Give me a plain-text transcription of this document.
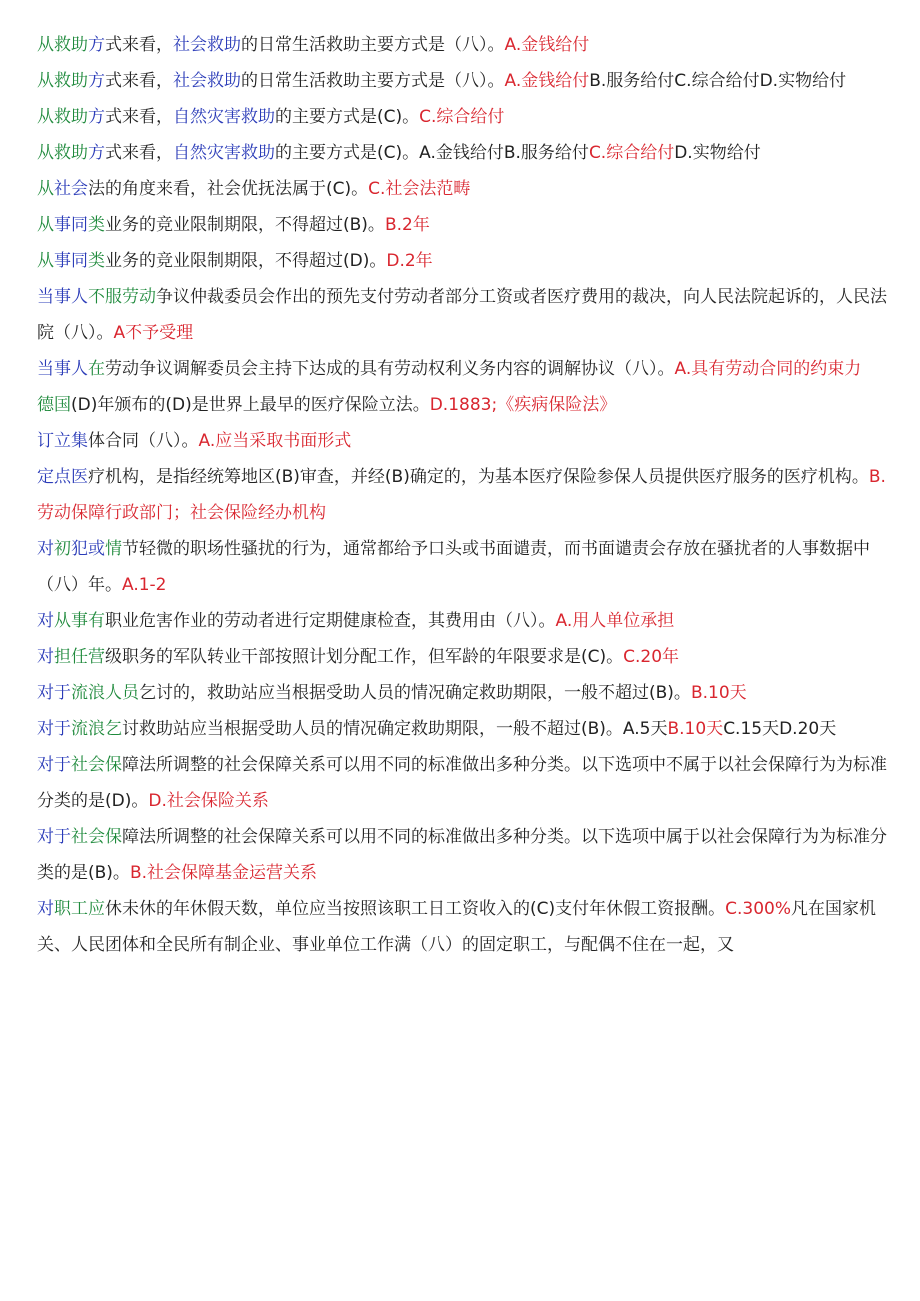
从救助方式来看，社会救助的日常生活救助主要方式是（八）。A.金钱给付

从救助方式来看，社会救助的日常生活救助主要方式是（八）。A.金钱给付B.服务给付C.综合给付D.实物给付

从救助方式来看，自然灾害救助的主要方式是(C)。C.综合给付

从救助方式来看，自然灾害救助的主要方式是(C)。A.金钱给付B.服务给付C.综合给付D.实物给付

从社会法的角度来看，社会优抚法属于(C)。C.社会法范畴

从事同类业务的竞业限制期限，不得超过(B)。B.2年

从事同类业务的竞业限制期限，不得超过(D)。D.2年

当事人不服劳动争议仲裁委员会作出的预先支付劳动者部分工资或者医疗费用的裁决，向人民法院起诉的，人民法院（八）。A不予受理

当事人在劳动争议调解委员会主持下达成的具有劳动权利义务内容的调解协议（八）。A.具有劳动合同的约束力

德国(D)年颁布的(D)是世界上最早的医疗保险立法。D.1883;《疾病保险法》

订立集体合同（八）。A.应当采取书面形式

定点医疗机构，是指经统筹地区(B)审查，并经(B)确定的，为基本医疗保险参保人员提供医疗服务的医疗机构。B.劳动保障行政部门；社会保险经办机构

对初犯或情节轻微的职场性骚扰的行为，通常都给予口头或书面谴责，而书面谴责会存放在骚扰者的人事数据中（八）年。A.1-2

对从事有职业危害作业的劳动者进行定期健康检查，其费用由（八）。A.用人单位承担

对担任营级职务的军队转业干部按照计划分配工作，但军龄的年限要求是(C)。C.20年

对于流浪人员乞讨的，救助站应当根据受助人员的情况确定救助期限，一般不超过(B)。B.10天

对于流浪乞讨救助站应当根据受助人员的情况确定救助期限，一般不超过(B)。A.5天B.10天C.15天D.20天

对于社会保障法所调整的社会保障关系可以用不同的标准做出多种分类。以下选项中不属于以社会保障行为为标准分类的是(D)。D.社会保险关系

对于社会保障法所调整的社会保障关系可以用不同的标准做出多种分类。以下选项中属于以社会保障行为为标准分类的是(B)。B.社会保障基金运营关系

对职工应休未休的年休假天数，单位应当按照该职工日工资收入的(C)支付年休假工资报酬。C.300%凡在国家机关、人民团体和全民所有制企业、事业单位工作满（八）的固定职工，与配偶不住在一起，又
